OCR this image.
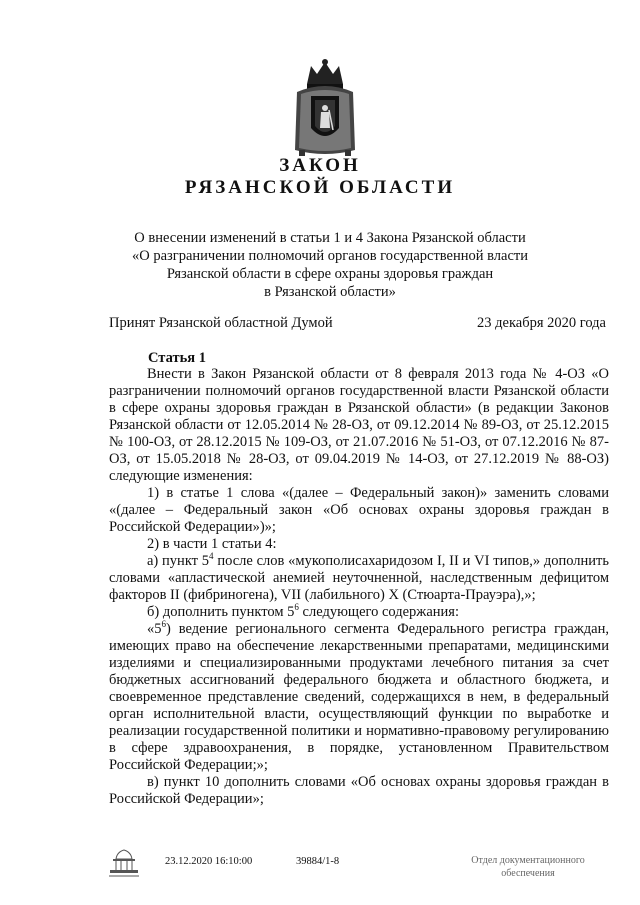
ЗАКОН
РЯЗАНСКОЙ ОБЛАСТИ
О внесении изменений в статьи 1 и 4 Закона Рязанской области
«О разграничении полномочий органов государственной власти
Рязанской области в сфере охраны здоровья граждан
в Рязанской области»
Принят Рязанской областной Думой	23 декабря 2020 года
Статья 1

Внести в Закон Рязанской области от 8 февраля 2013 года № 4-ОЗ «О разграничении полномочий органов государственной власти Рязанской области в сфере охраны здоровья граждан в Рязанской области» (в редакции Законов Рязанской области от 12.05.2014 № 28-ОЗ, от 09.12.2014 № 89-ОЗ, от 25.12.2015 № 100-ОЗ, от 28.12.2015 № 109-ОЗ, от 21.07.2016 № 51-ОЗ, от 07.12.2016 № 87-ОЗ, от 15.05.2018 № 28-ОЗ, от 09.04.2019 № 14-ОЗ, от 27.12.2019 № 88-ОЗ) следующие изменения:

1) в статье 1 слова «(далее – Федеральный закон)» заменить словами «(далее – Федеральный закон «Об основах охраны здоровья граждан в Российской Федерации»)»;

2) в части 1 статьи 4:

а) пункт $5^4$ после слов «мукополисахаридозом I, II и VI типов,» дополнить словами «апластической анемией неуточненной, наследственным дефицитом факторов II (фибриногена), VII (лабильного) X (Стюарта-Прауэра),»;

б) дополнить пунктом $5^6$ следующего содержания:

«$5^6$) ведение регионального сегмента Федерального регистра граждан, имеющих право на обеспечение лекарственными препаратами, медицинскими изделиями и специализированными продуктами лечебного питания за счет бюджетных ассигнований федерального бюджета и областного бюджета, и своевременное представление сведений, содержащихся в нем, в федеральный орган исполнительной власти, осуществляющий функции по выработке и реализации государственной политики и нормативно-правовому регулированию в сфере здравоохранения, в порядке, установленном Правительством Российской Федерации;»;

в) пункт 10 дополнить словами «Об основах охраны здоровья граждан в Российской Федерации»;

23.12.2020 16:10:00	39884/1-8	Отдел документационного
обеспечения
